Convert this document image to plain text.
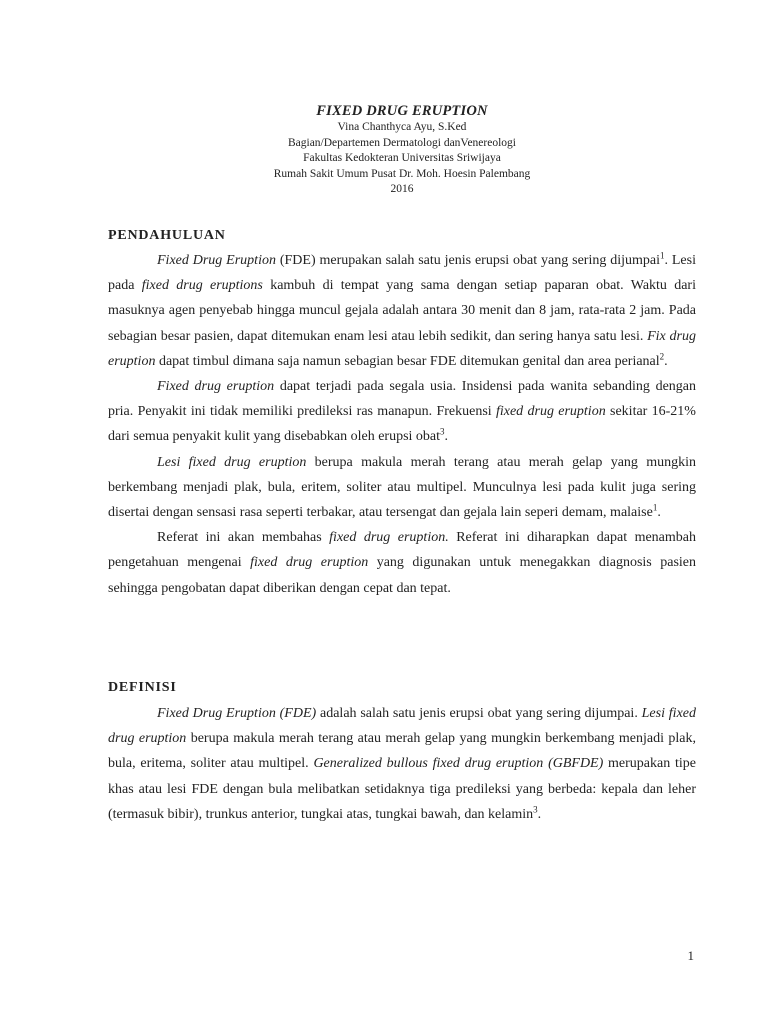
FIXED DRUG ERUPTION
Vina Chanthyca Ayu, S.Ked
Bagian/Departemen Dermatologi danVenereologi
Fakultas Kedokteran Universitas Sriwijaya
Rumah Sakit Umum Pusat Dr. Moh. Hoesin Palembang
2016
PENDAHULUAN

Fixed Drug Eruption (FDE) merupakan salah satu jenis erupsi obat yang sering dijumpai$^1$. Lesi pada fixed drug eruptions kambuh di tempat yang sama dengan setiap paparan obat. Waktu dari masuknya agen penyebab hingga muncul gejala adalah antara 30 menit dan 8 jam, rata-rata 2 jam. Pada sebagian besar pasien, dapat ditemukan enam lesi atau lebih sedikit, dan sering hanya satu lesi. Fix drug eruption dapat timbul dimana saja namun sebagian besar FDE ditemukan genital dan area perianal$^2$.

Fixed drug eruption dapat terjadi pada segala usia. Insidensi pada wanita sebanding dengan pria. Penyakit ini tidak memiliki predileksi ras manapun. Frekuensi fixed drug eruption sekitar 16-21% dari semua penyakit kulit yang disebabkan oleh erupsi obat$^3$.

Lesi fixed drug eruption berupa makula merah terang atau merah gelap yang mungkin berkembang menjadi plak, bula, eritem, soliter atau multipel. Munculnya lesi pada kulit juga sering disertai dengan sensasi rasa seperti terbakar, atau tersengat dan gejala lain seperi demam, malaise$^1$.

Referat ini akan membahas fixed drug eruption. Referat ini diharapkan dapat menambah pengetahuan mengenai fixed drug eruption yang digunakan untuk menegakkan diagnosis pasien sehingga pengobatan dapat diberikan dengan cepat dan tepat.

DEFINISI

Fixed Drug Eruption (FDE) adalah salah satu jenis erupsi obat yang sering dijumpai. Lesi fixed drug eruption berupa makula merah terang atau merah gelap yang mungkin berkembang menjadi plak, bula, eritema, soliter atau multipel. Generalized bullous fixed drug eruption (GBFDE) merupakan tipe khas atau lesi FDE dengan bula melibatkan setidaknya tiga predileksi yang berbeda: kepala dan leher (termasuk bibir), trunkus anterior, tungkai atas, tungkai bawah, dan kelamin$^3$.

1
